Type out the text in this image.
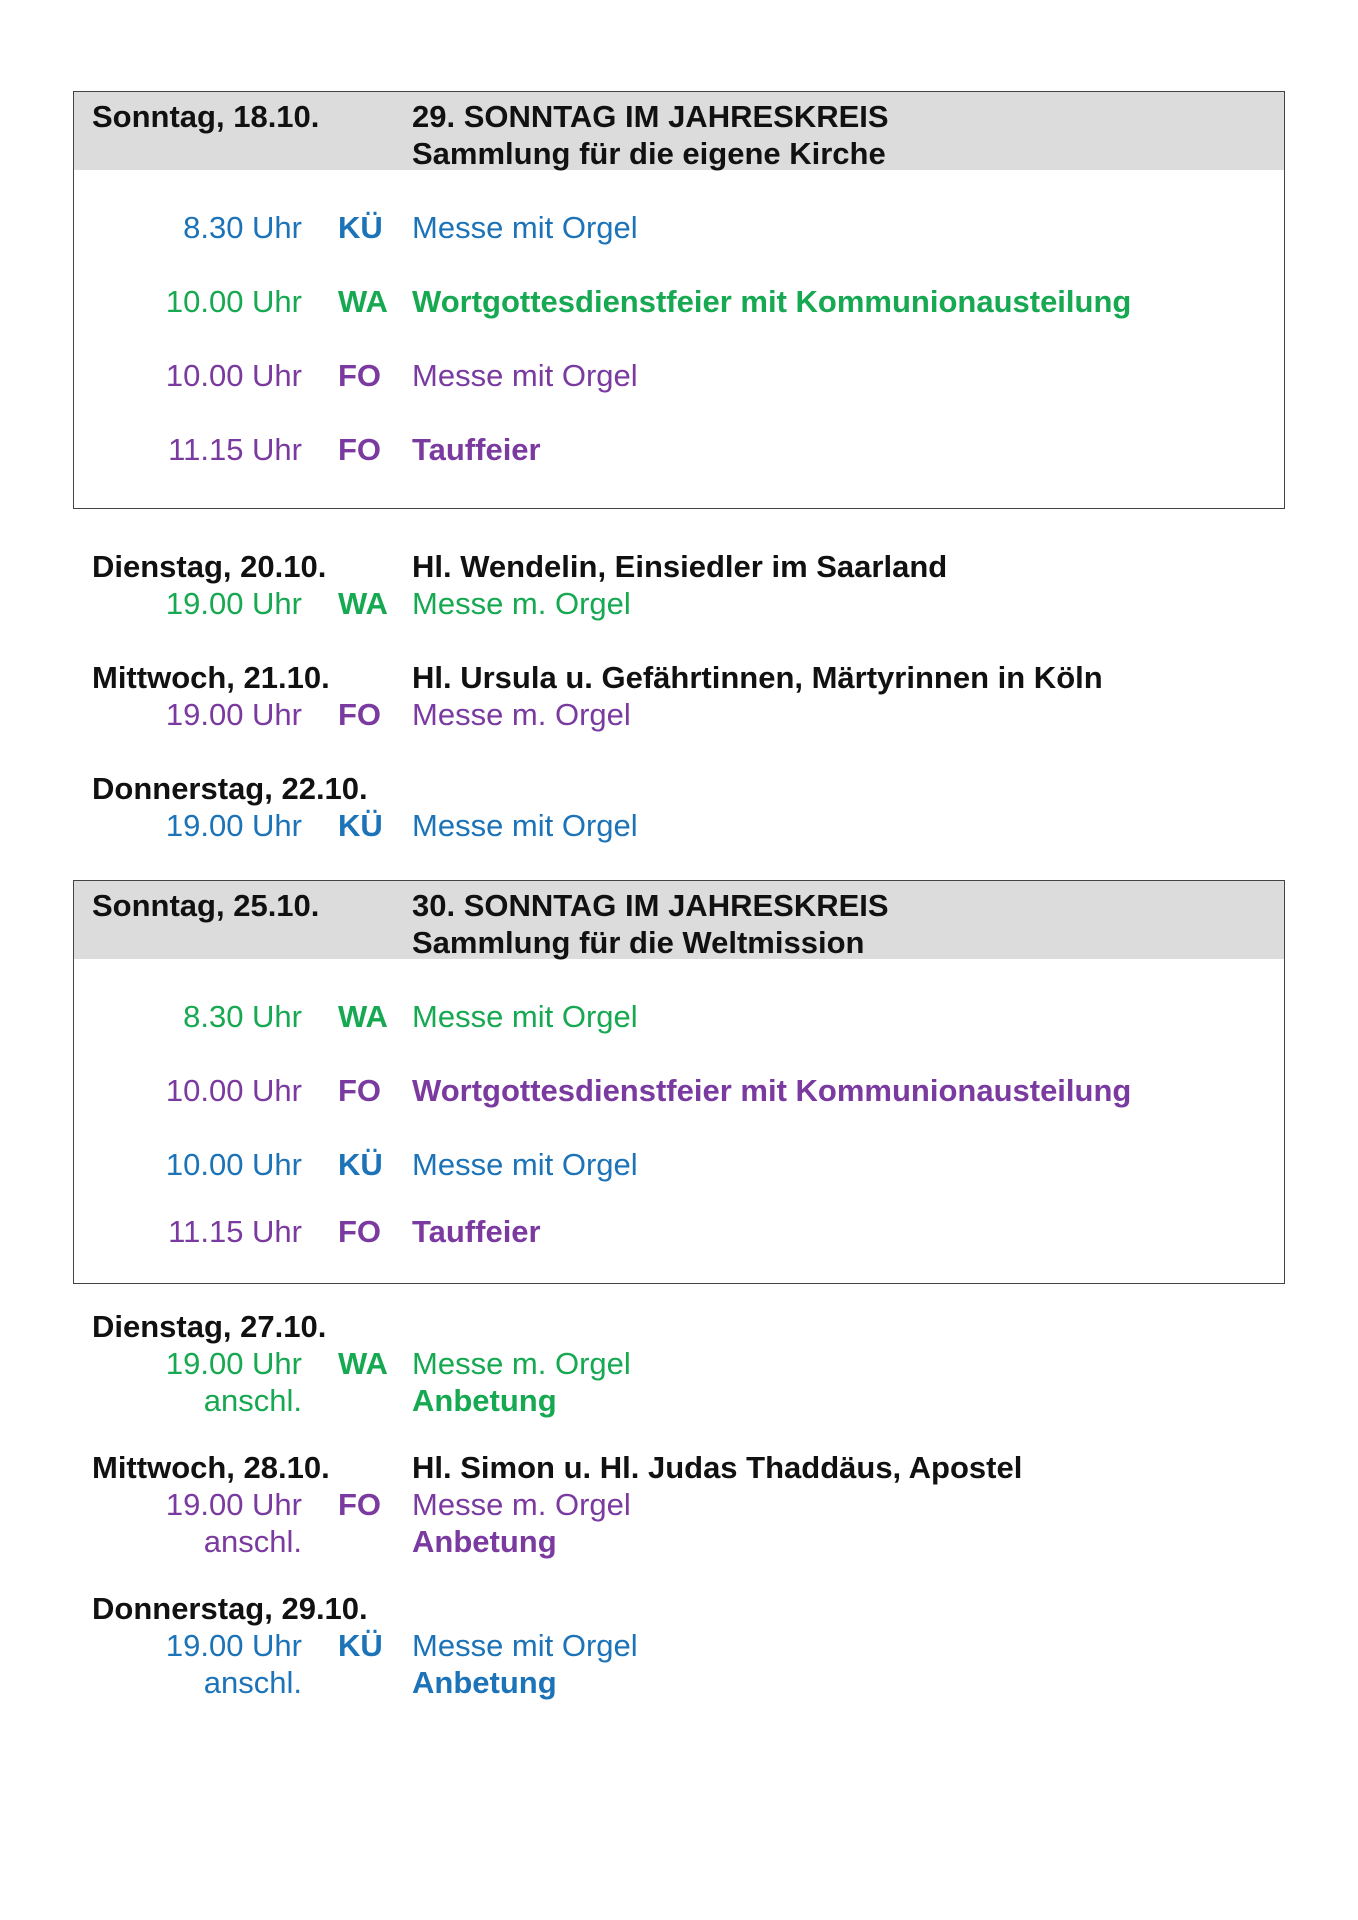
Sonntag, 18.10.	29. SONNTAG IM JAHRESKREIS
Sammlung für die eigene Kirche
8.30 Uhr KÜ Messe mit Orgel
10.00 Uhr WA Wortgottesdienstfeier mit Kommunionausteilung
10.00 Uhr FO Messe mit Orgel
11.15 Uhr FO Tauffeier
Dienstag, 20.10.	Hl. Wendelin, Einsiedler im Saarland
19.00 Uhr WA Messe m. Orgel
Mittwoch, 21.10.	Hl. Ursula u. Gefährtinnen, Märtyrinnen in Köln
19.00 Uhr FO Messe m. Orgel
Donnerstag, 22.10.
19.00 Uhr KÜ Messe mit Orgel
Sonntag, 25.10.	30. SONNTAG IM JAHRESKREIS
Sammlung für die Weltmission
8.30 Uhr WA Messe mit Orgel
10.00 Uhr FO Wortgottesdienstfeier mit Kommunionausteilung
10.00 Uhr KÜ Messe mit Orgel
11.15 Uhr FO Tauffeier
Dienstag, 27.10.
19.00 Uhr WA Messe m. Orgel
anschl.	Anbetung
Mittwoch, 28.10.	Hl. Simon u. Hl. Judas Thaddäus, Apostel
19.00 Uhr FO Messe m. Orgel
anschl.	Anbetung
Donnerstag, 29.10.
19.00 Uhr KÜ Messe mit Orgel
anschl.	Anbetung
